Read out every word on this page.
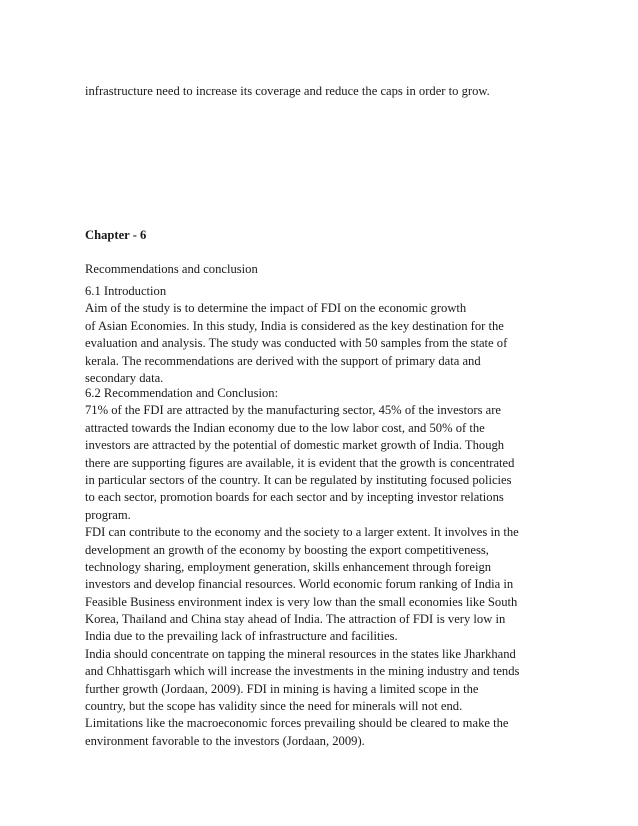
infrastructure need to increase its coverage and reduce the caps in order to grow.
Chapter - 6
Recommendations and conclusion
6.1 Introduction
Aim of the study is to determine the impact of FDI on the economic growth
of Asian Economies. In this study, India is considered as the key destination for the
evaluation and analysis. The study was conducted with 50 samples from the state of
kerala. The recommendations are derived with the support of primary data and
secondary data.
6.2 Recommendation and Conclusion:
71% of the FDI are attracted by the manufacturing sector, 45% of the investors are
attracted towards the Indian economy due to the low labor cost, and 50% of the
investors are attracted by the potential of domestic market growth of India. Though
there are supporting figures are available, it is evident that the growth is concentrated
in particular sectors of the country. It can be regulated by instituting focused policies
to each sector, promotion boards for each sector and by incepting investor relations
program.
FDI can contribute to the economy and the society to a larger extent. It involves in the
development an growth of the economy by boosting the export competitiveness,
technology sharing, employment generation, skills enhancement through foreign
investors and develop financial resources. World economic forum ranking of India in
Feasible Business environment index is very low than the small economies like South
Korea, Thailand and China stay ahead of India. The attraction of FDI is very low in
India due to the prevailing lack of infrastructure and facilities.
India should concentrate on tapping the mineral resources in the states like Jharkhand
and Chhattisgarh which will increase the investments in the mining industry and tends
further growth (Jordaan, 2009). FDI in mining is having a limited scope in the
country, but the scope has validity since the need for minerals will not end.
Limitations like the macroeconomic forces prevailing should be cleared to make the
environment favorable to the investors (Jordaan, 2009).
